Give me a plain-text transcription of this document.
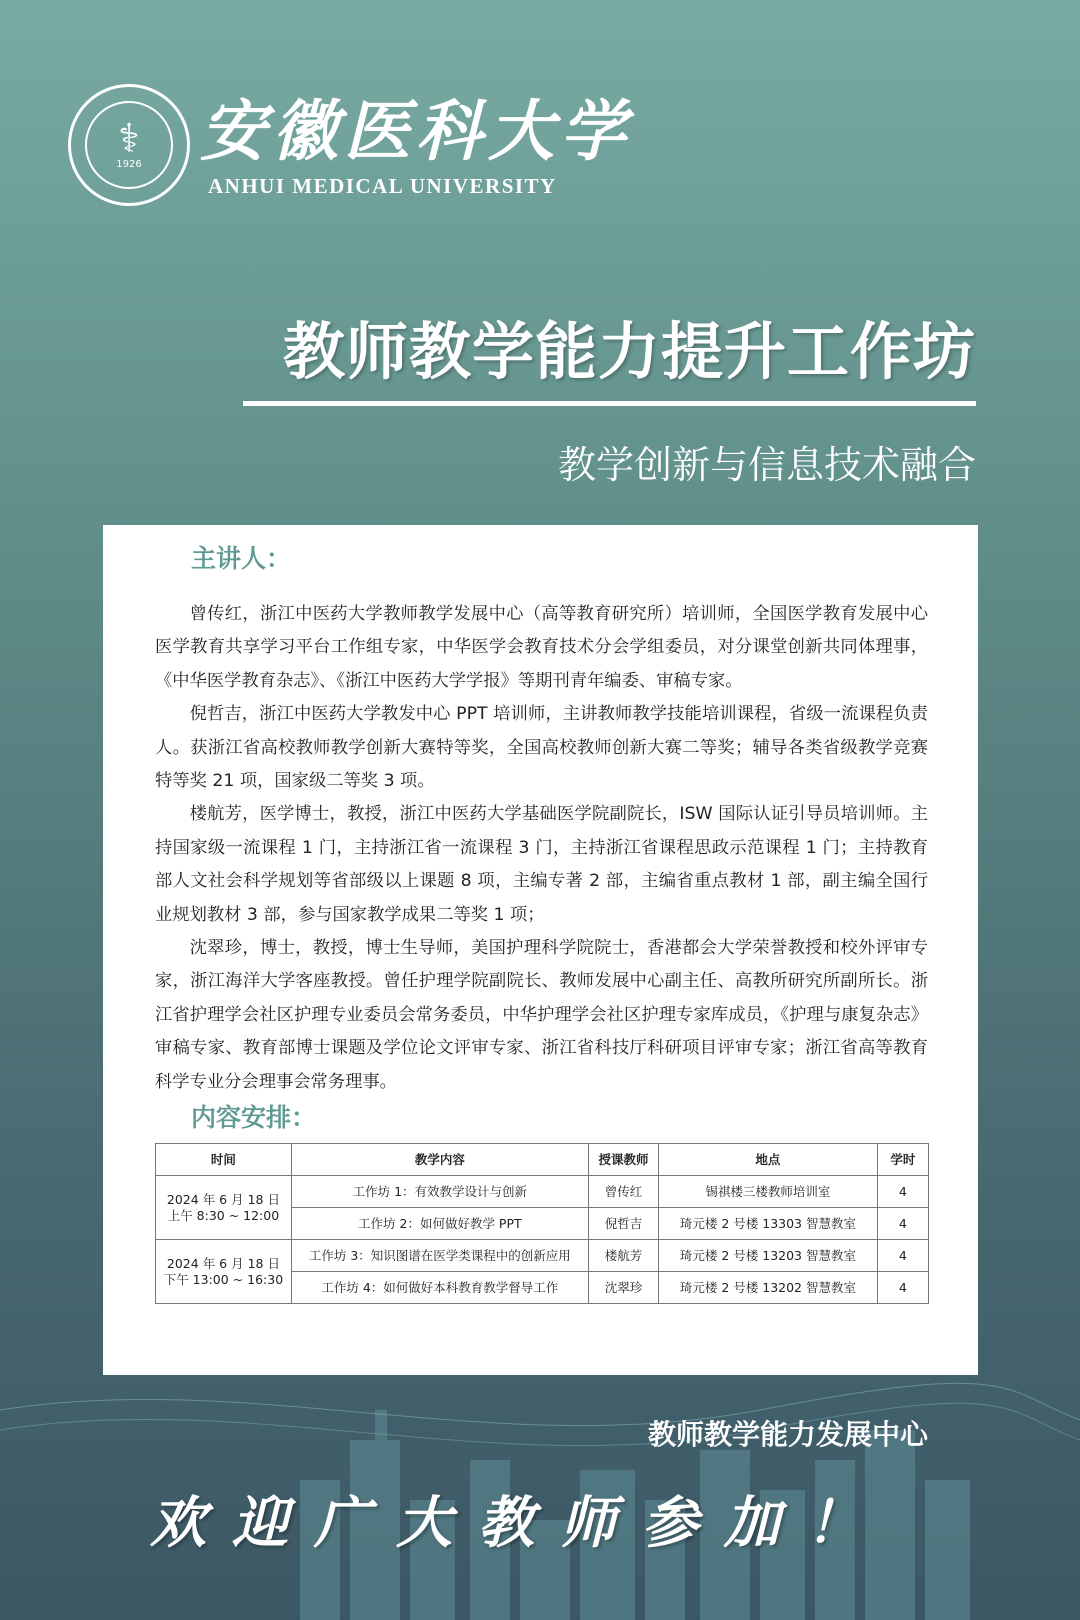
⚕
1926 安徽医科大学
ANHUI MEDICAL UNIVERSITY
教师教学能力提升工作坊
教学创新与信息技术融合
主讲人：

曾传红，浙江中医药大学教师教学发展中心（高等教育研究所）培训师，全国医学教育发展中心医学教育共享学习平台工作组专家，中华医学会教育技术分会学组委员，对分课堂创新共同体理事，《中华医学教育杂志》、《浙江中医药大学学报》等期刊青年编委、审稿专家。

倪哲吉，浙江中医药大学教发中心 PPT 培训师，主讲教师教学技能培训课程，省级一流课程负责人。获浙江省高校教师教学创新大赛特等奖，全国高校教师创新大赛二等奖；辅导各类省级教学竞赛特等奖 21 项，国家级二等奖 3 项。

楼航芳，医学博士，教授，浙江中医药大学基础医学院副院长，ISW 国际认证引导员培训师。主持国家级一流课程 1 门，主持浙江省一流课程 3 门，主持浙江省课程思政示范课程 1 门；主持教育部人文社会科学规划等省部级以上课题 8 项，主编专著 2 部，主编省重点教材 1 部，副主编全国行业规划教材 3 部，参与国家教学成果二等奖 1 项；

沈翠珍，博士，教授，博士生导师，美国护理科学院院士，香港都会大学荣誉教授和校外评审专家，浙江海洋大学客座教授。曾任护理学院副院长、教师发展中心副主任、高教所研究所副所长。浙江省护理学会社区护理专业委员会常务委员，中华护理学会社区护理专家库成员，《护理与康复杂志》审稿专家、教育部博士课题及学位论文评审专家、浙江省科技厅科研项目评审专家；浙江省高等教育科学专业分会理事会常务理事。

内容安排：
时间	教学内容	授课教师	地点	学时
2024 年 6 月 18 日
上午 8:30 ~ 12:00	工作坊 1：有效教学设计与创新	曾传红	锡祺楼三楼教师培训室	4
	工作坊 2：如何做好教学 PPT	倪哲吉	琦元楼 2 号楼 13303 智慧教室	4
2024 年 6 月 18 日
下午 13:00 ~ 16:30	工作坊 3：知识图谱在医学类课程中的创新应用	楼航芳	琦元楼 2 号楼 13203 智慧教室	4
	工作坊 4：如何做好本科教育教学督导工作	沈翠珍	琦元楼 2 号楼 13202 智慧教室	4
教师教学能力发展中心
欢迎广大教师参加！
